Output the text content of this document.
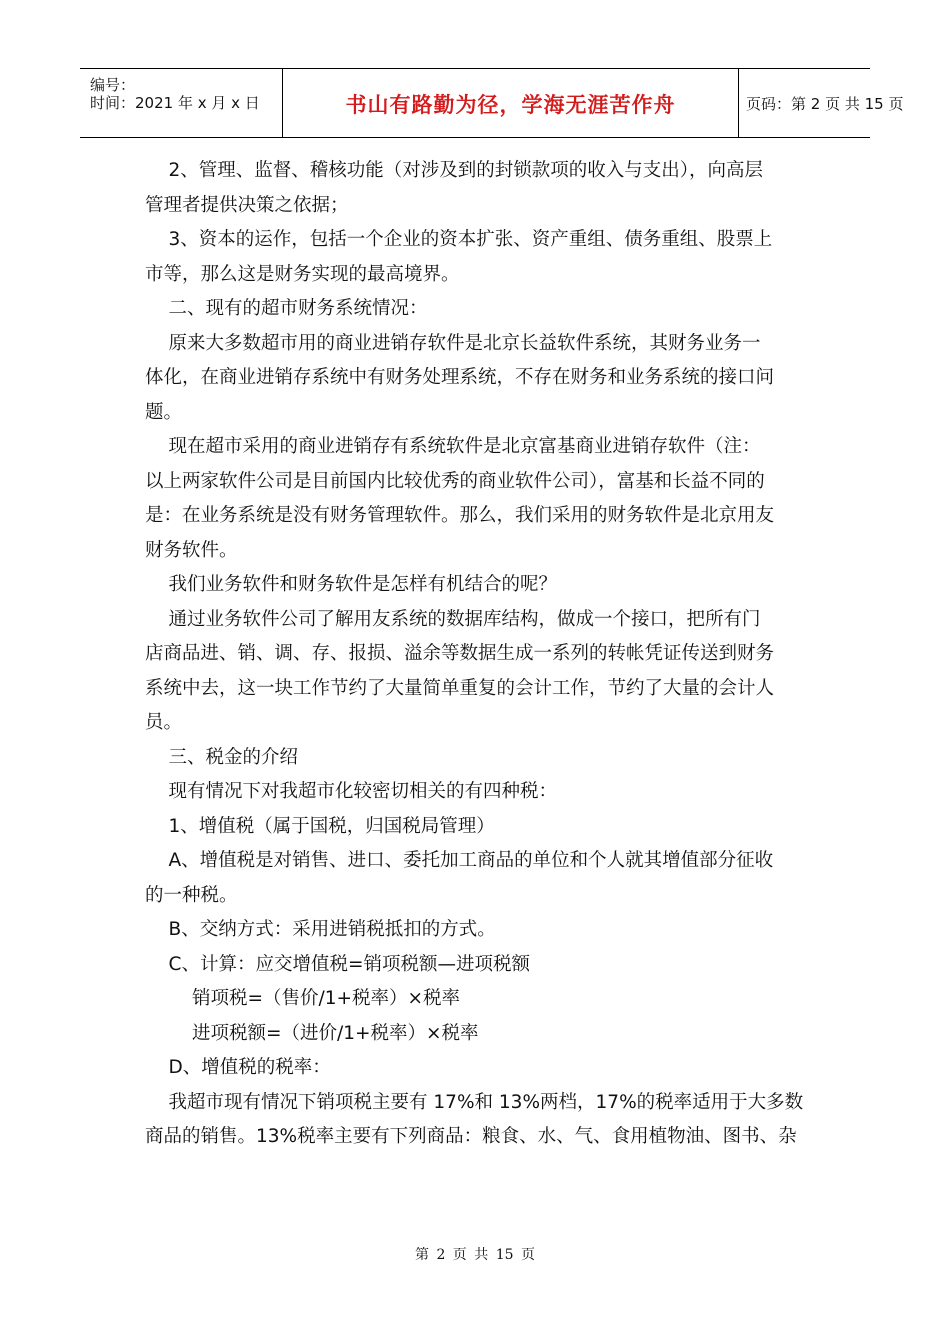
编号：
时间：2021 年 x 月 x 日	书山有路勤为径，学海无涯苦作舟	页码：第 2 页 共 15 页

2、管理、监督、稽核功能（对涉及到的封锁款项的收入与支出），向高层

管理者提供决策之依据；

3、资本的运作，包括一个企业的资本扩张、资产重组、债务重组、股票上

市等，那么这是财务实现的最高境界。

二、现有的超市财务系统情况：

原来大多数超市用的商业进销存软件是北京长益软件系统，其财务业务一

体化，在商业进销存系统中有财务处理系统，不存在财务和业务系统的接口问

题。

现在超市采用的商业进销存有系统软件是北京富基商业进销存软件（注：

以上两家软件公司是目前国内比较优秀的商业软件公司），富基和长益不同的

是：在业务系统是没有财务管理软件。那么，我们采用的财务软件是北京用友

财务软件。

我们业务软件和财务软件是怎样有机结合的呢？

通过业务软件公司了解用友系统的数据库结构，做成一个接口，把所有门

店商品进、销、调、存、报损、溢余等数据生成一系列的转帐凭证传送到财务

系统中去，这一块工作节约了大量简单重复的会计工作，节约了大量的会计人

员。

三、税金的介绍

现有情况下对我超市化较密切相关的有四种税：

1、增值税（属于国税，归国税局管理）

A、增值税是对销售、进口、委托加工商品的单位和个人就其增值部分征收

的一种税。

B、交纳方式：采用进销税抵扣的方式。

C、计算：应交增值税=销项税额—进项税额

销项税=（售价/1+税率）×税率

进项税额=（进价/1+税率）×税率

D、增值税的税率：

我超市现有情况下销项税主要有 17%和 13%两档，17%的税率适用于大多数

商品的销售。13%税率主要有下列商品：粮食、水、气、食用植物油、图书、杂

第 2 页 共 15 页
